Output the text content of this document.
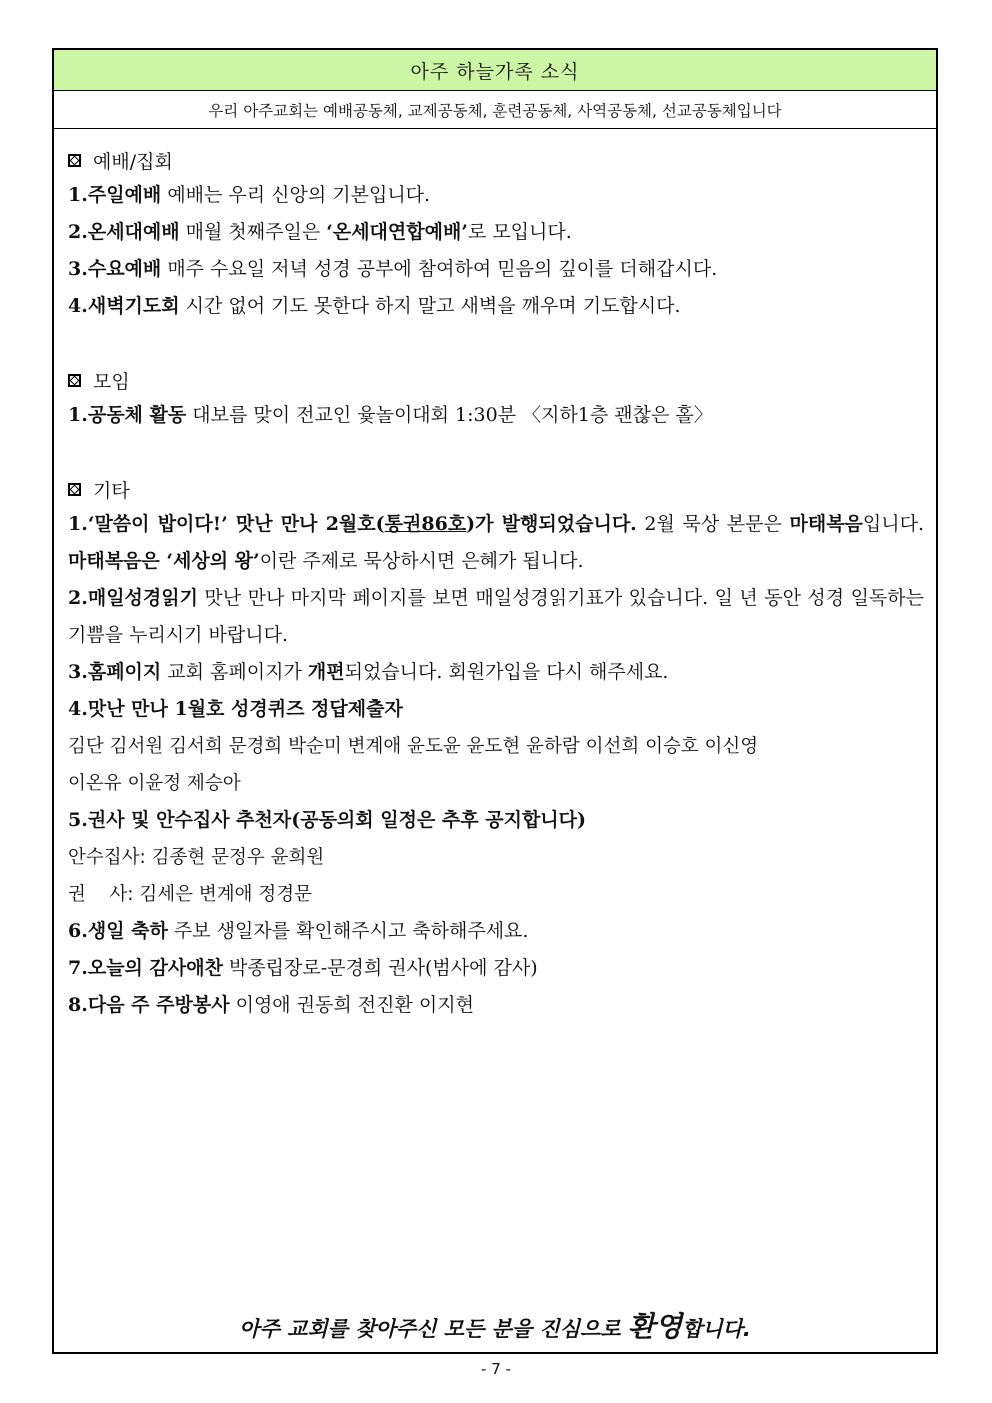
아주 하늘가족 소식
우리 아주교회는 예배공동체, 교제공동체, 훈련공동체, 사역공동체, 선교공동체입니다
예배/집회
1.주일예배 예배는 우리 신앙의 기본입니다.
2.온세대예배 매월 첫째주일은 ‘온세대연합예배’로 모입니다.
3.수요예배 매주 수요일 저녁 성경 공부에 참여하여 믿음의 깊이를 더해갑시다.
4.새벽기도회 시간 없어 기도 못한다 하지 말고 새벽을 깨우며 기도합시다.
모임
1.공동체 활동 대보름 맞이 전교인 윷놀이대회 1:30분 〈지하1층 괜찮은 홀〉
기타
1.‘말씀이 밥이다!’ 맛난 만나 2월호(통권86호)가 발행되었습니다. 2월 묵상 본문은 마태복음입니다. 마태복음은 ‘세상의 왕’이란 주제로 묵상하시면 은혜가 됩니다.
2.매일성경읽기 맛난 만나 마지막 페이지를 보면 매일성경읽기표가 있습니다. 일 년 동안 성경 일독하는 기쁨을 누리시기 바랍니다.
3.홈페이지 교회 홈페이지가 개편되었습니다. 회원가입을 다시 해주세요.
4.맛난 만나 1월호 성경퀴즈 정답제출자
김단 김서원 김서희 문경희 박순미 변계애 윤도윤 윤도현 윤하람 이선희 이승호 이신영
이온유 이윤정 제승아
5.권사 및 안수집사 추천자(공동의회 일정은 추후 공지합니다)
안수집사: 김종현 문정우 윤희원
권    사: 김세은 변계애 정경문
6.생일 축하 주보 생일자를 확인해주시고 축하해주세요.
7.오늘의 감사애찬 박종립장로-문경희 권사(범사에 감사)
8.다음 주 주방봉사 이영애 권동희 전진환 이지현
아주 교회를 찾아주신 모든 분을 진심으로 환영합니다.
- 7 -
